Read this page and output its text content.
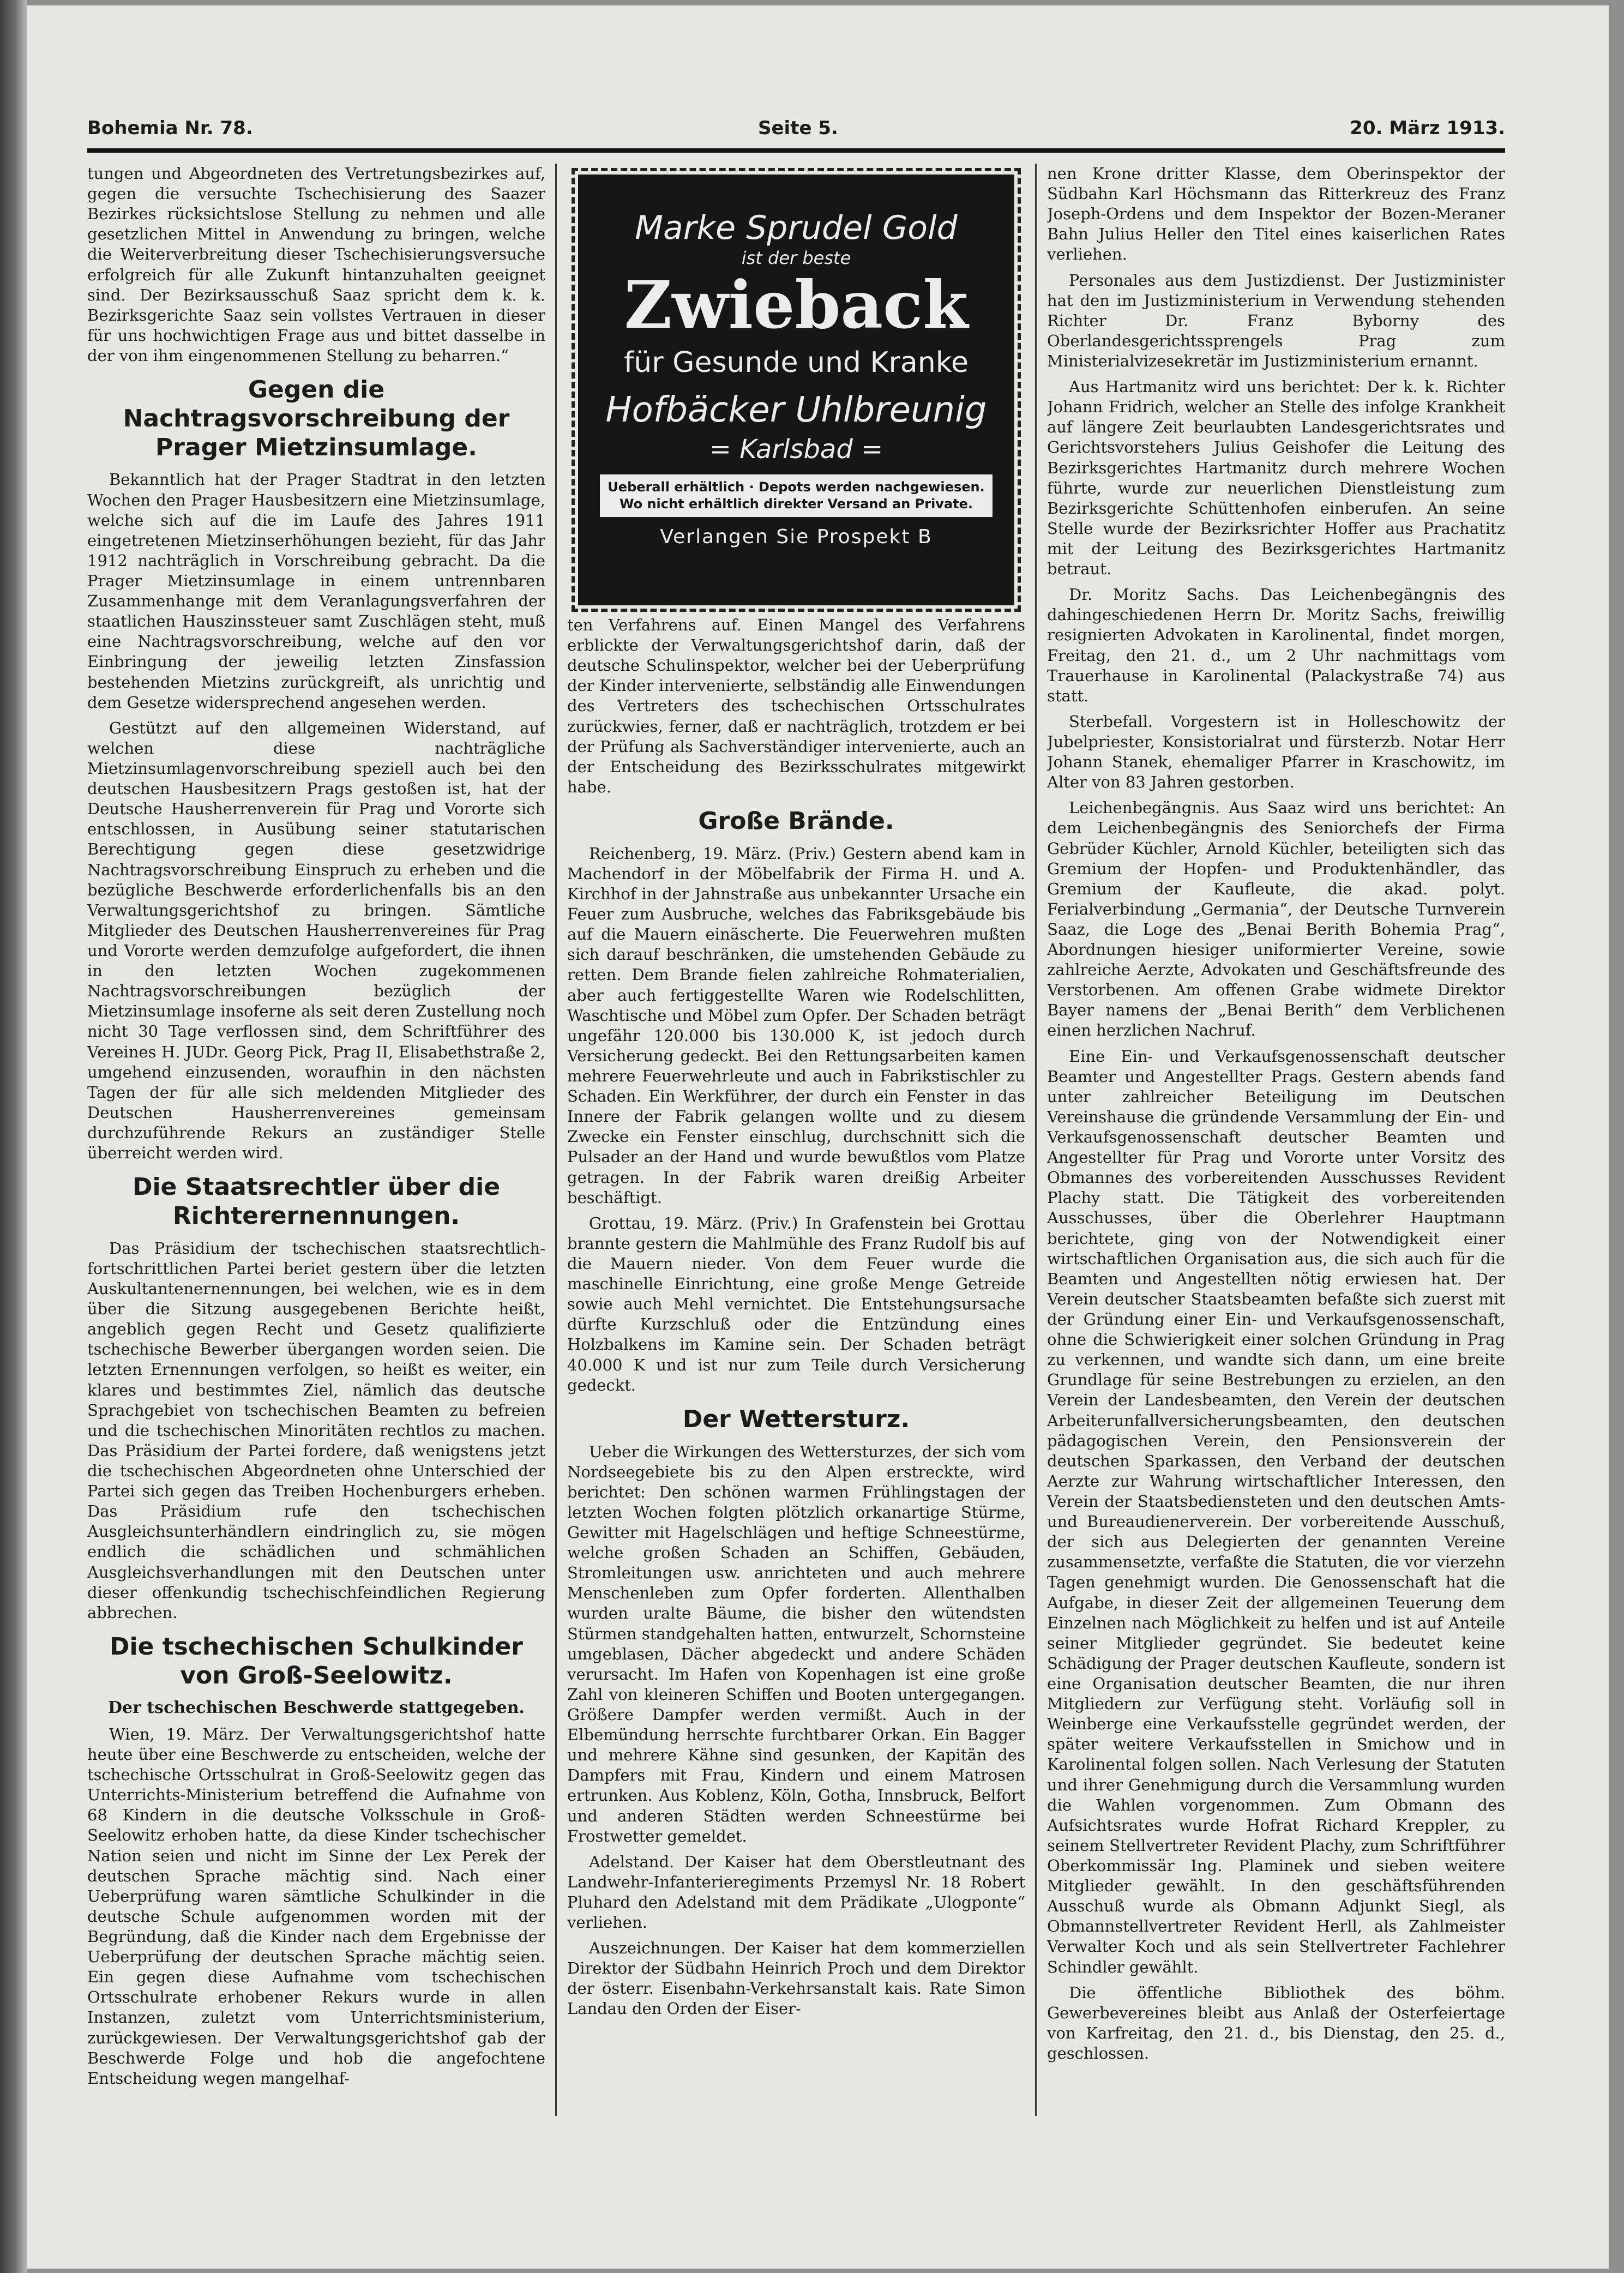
Bohemia Nr. 78.	Seite 5.	20. März 1913.

tungen und Abgeordneten des Vertretungsbezirkes auf, gegen die versuchte Tschechisierung des Saazer Bezirkes rücksichtslose Stellung zu nehmen und alle gesetzlichen Mittel in Anwendung zu bringen, welche die Weiterverbreitung dieser Tschechisierungsversuche erfolgreich für alle Zukunft hintanzuhalten geeignet sind. Der Bezirksausschuß Saaz spricht dem k. k. Bezirksgerichte Saaz sein vollstes Vertrauen in dieser für uns hochwichtigen Frage aus und bittet dasselbe in der von ihm eingenommenen Stellung zu beharren.“

Gegen die Nachtragsvorschreibung der Prager Mietzinsumlage.

Bekanntlich hat der Prager Stadtrat in den letzten Wochen den Prager Hausbesitzern eine Mietzinsumlage, welche sich auf die im Laufe des Jahres 1911 eingetretenen Mietzinserhöhungen bezieht, für das Jahr 1912 nachträglich in Vorschreibung gebracht. Da die Prager Mietzinsumlage in einem untrennbaren Zusammenhange mit dem Veranlagungsverfahren der staatlichen Hauszinssteuer samt Zuschlägen steht, muß eine Nachtragsvorschreibung, welche auf den vor Einbringung der jeweilig letzten Zinsfassion bestehenden Mietzins zurückgreift, als unrichtig und dem Gesetze widersprechend angesehen werden.

Gestützt auf den allgemeinen Widerstand, auf welchen diese nachträgliche Mietzinsumlagenvorschreibung speziell auch bei den deutschen Hausbesitzern Prags gestoßen ist, hat der Deutsche Hausherrenverein für Prag und Vororte sich entschlossen, in Ausübung seiner statutarischen Berechtigung gegen diese gesetzwidrige Nachtragsvorschreibung Einspruch zu erheben und die bezügliche Beschwerde erforderlichenfalls bis an den Verwaltungsgerichtshof zu bringen. Sämtliche Mitglieder des Deutschen Hausherrenvereines für Prag und Vororte werden demzufolge aufgefordert, die ihnen in den letzten Wochen zugekommenen Nachtragsvorschreibungen bezüglich der Mietzinsumlage insoferne als seit deren Zustellung noch nicht 30 Tage verflossen sind, dem Schriftführer des Vereines H. JUDr. Georg Pick, Prag II, Elisabethstraße 2, umgehend einzusenden, woraufhin in den nächsten Tagen der für alle sich meldenden Mitglieder des Deutschen Hausherrenvereines gemeinsam durchzuführende Rekurs an zuständiger Stelle überreicht werden wird.

Die Staatsrechtler über die Richterernennungen.

Das Präsidium der tschechischen staatsrechtlich-fortschrittlichen Partei beriet gestern über die letzten Auskultantenernennungen, bei welchen, wie es in dem über die Sitzung ausgegebenen Berichte heißt, angeblich gegen Recht und Gesetz qualifizierte tschechische Bewerber übergangen worden seien. Die letzten Ernennungen verfolgen, so heißt es weiter, ein klares und bestimmtes Ziel, nämlich das deutsche Sprachgebiet von tschechischen Beamten zu befreien und die tschechischen Minoritäten rechtlos zu machen. Das Präsidium der Partei fordere, daß wenigstens jetzt die tschechischen Abgeordneten ohne Unterschied der Partei sich gegen das Treiben Hochenburgers erheben. Das Präsidium rufe den tschechischen Ausgleichsunterhändlern eindringlich zu, sie mögen endlich die schädlichen und schmählichen Ausgleichsverhandlungen mit den Deutschen unter dieser offenkundig tschechischfeindlichen Regierung abbrechen.

Die tschechischen Schulkinder von Groß-Seelowitz.
Der tschechischen Beschwerde stattgegeben.

Wien, 19. März. Der Verwaltungsgerichtshof hatte heute über eine Beschwerde zu entscheiden, welche der tschechische Ortsschulrat in Groß-Seelowitz gegen das Unterrichts-Ministerium betreffend die Aufnahme von 68 Kindern in die deutsche Volksschule in Groß-Seelowitz erhoben hatte, da diese Kinder tschechischer Nation seien und nicht im Sinne der Lex Perek der deutschen Sprache mächtig sind. Nach einer Ueberprüfung waren sämtliche Schulkinder in die deutsche Schule aufgenommen worden mit der Begründung, daß die Kinder nach dem Ergebnisse der Ueberprüfung der deutschen Sprache mächtig seien. Ein gegen diese Aufnahme vom tschechischen Ortsschulrate erhobener Rekurs wurde in allen Instanzen, zuletzt vom Unterrichtsministerium, zurückgewiesen. Der Verwaltungsgerichtshof gab der Beschwerde Folge und hob die angefochtene Entscheidung wegen mangelhaf-

Marke Sprudel Gold
ist der beste
Zwieback
für Gesunde und Kranke
Hofbäcker Uhlbreunig
= Karlsbad =
Ueberall erhältlich · Depots werden nachgewiesen.
Wo nicht erhältlich direkter Versand an Private.
Verlangen Sie Prospekt B

ten Verfahrens auf. Einen Mangel des Verfahrens erblickte der Verwaltungsgerichtshof darin, daß der deutsche Schulinspektor, welcher bei der Ueberprüfung der Kinder intervenierte, selbständig alle Einwendungen des Vertreters des tschechischen Ortsschulrates zurückwies, ferner, daß er nachträglich, trotzdem er bei der Prüfung als Sachverständiger intervenierte, auch an der Entscheidung des Bezirksschulrates mitgewirkt habe.

Große Brände.

Reichenberg, 19. März. (Priv.) Gestern abend kam in Machendorf in der Möbelfabrik der Firma H. und A. Kirchhof in der Jahnstraße aus unbekannter Ursache ein Feuer zum Ausbruche, welches das Fabriksgebäude bis auf die Mauern einäscherte. Die Feuerwehren mußten sich darauf beschränken, die umstehenden Gebäude zu retten. Dem Brande fielen zahlreiche Rohmaterialien, aber auch fertiggestellte Waren wie Rodelschlitten, Waschtische und Möbel zum Opfer. Der Schaden beträgt ungefähr 120.000 bis 130.000 K, ist jedoch durch Versicherung gedeckt. Bei den Rettungsarbeiten kamen mehrere Feuerwehrleute und auch in Fabrikstischler zu Schaden. Ein Werkführer, der durch ein Fenster in das Innere der Fabrik gelangen wollte und zu diesem Zwecke ein Fenster einschlug, durchschnitt sich die Pulsader an der Hand und wurde bewußtlos vom Platze getragen. In der Fabrik waren dreißig Arbeiter beschäftigt.

Grottau, 19. März. (Priv.) In Grafenstein bei Grottau brannte gestern die Mahlmühle des Franz Rudolf bis auf die Mauern nieder. Von dem Feuer wurde die maschinelle Einrichtung, eine große Menge Getreide sowie auch Mehl vernichtet. Die Entstehungsursache dürfte Kurzschluß oder die Entzündung eines Holzbalkens im Kamine sein. Der Schaden beträgt 40.000 K und ist nur zum Teile durch Versicherung gedeckt.

Der Wettersturz.

Ueber die Wirkungen des Wettersturzes, der sich vom Nordseegebiete bis zu den Alpen erstreckte, wird berichtet: Den schönen warmen Frühlingstagen der letzten Wochen folgten plötzlich orkanartige Stürme, Gewitter mit Hagelschlägen und heftige Schneestürme, welche großen Schaden an Schiffen, Gebäuden, Stromleitungen usw. anrichteten und auch mehrere Menschenleben zum Opfer forderten. Allenthalben wurden uralte Bäume, die bisher den wütendsten Stürmen standgehalten hatten, entwurzelt, Schornsteine umgeblasen, Dächer abgedeckt und andere Schäden verursacht. Im Hafen von Kopenhagen ist eine große Zahl von kleineren Schiffen und Booten untergegangen. Größere Dampfer werden vermißt. Auch in der Elbemündung herrschte furchtbarer Orkan. Ein Bagger und mehrere Kähne sind gesunken, der Kapitän des Dampfers mit Frau, Kindern und einem Matrosen ertrunken. Aus Koblenz, Köln, Gotha, Innsbruck, Belfort und anderen Städten werden Schneestürme bei Frostwetter gemeldet.

Adelstand. Der Kaiser hat dem Oberstleutnant des Landwehr-Infanterieregiments Przemysl Nr. 18 Robert Pluhard den Adelstand mit dem Prädikate „Ulogponte“ verliehen.

Auszeichnungen. Der Kaiser hat dem kommerziellen Direktor der Südbahn Heinrich Proch und dem Direktor der österr. Eisenbahn-Verkehrsanstalt kais. Rate Simon Landau den Orden der Eiser-

nen Krone dritter Klasse, dem Oberinspektor der Südbahn Karl Höchsmann das Ritterkreuz des Franz Joseph-Ordens und dem Inspektor der Bozen-Meraner Bahn Julius Heller den Titel eines kaiserlichen Rates verliehen.

Personales aus dem Justizdienst. Der Justizminister hat den im Justizministerium in Verwendung stehenden Richter Dr. Franz Byborny des Oberlandesgerichtssprengels Prag zum Ministerialvizesekretär im Justizministerium ernannt.

Aus Hartmanitz wird uns berichtet: Der k. k. Richter Johann Fridrich, welcher an Stelle des infolge Krankheit auf längere Zeit beurlaubten Landesgerichtsrates und Gerichtsvorstehers Julius Geishofer die Leitung des Bezirksgerichtes Hartmanitz durch mehrere Wochen führte, wurde zur neuerlichen Dienstleistung zum Bezirksgerichte Schüttenhofen einberufen. An seine Stelle wurde der Bezirksrichter Hoffer aus Prachatitz mit der Leitung des Bezirksgerichtes Hartmanitz betraut.

Dr. Moritz Sachs. Das Leichenbegängnis des dahingeschiedenen Herrn Dr. Moritz Sachs, freiwillig resignierten Advokaten in Karolinental, findet morgen, Freitag, den 21. d., um 2 Uhr nachmittags vom Trauerhause in Karolinental (Palackystraße 74) aus statt.

Sterbefall. Vorgestern ist in Holleschowitz der Jubelpriester, Konsistorialrat und fürsterzb. Notar Herr Johann Stanek, ehemaliger Pfarrer in Kraschowitz, im Alter von 83 Jahren gestorben.

Leichenbegängnis. Aus Saaz wird uns berichtet: An dem Leichenbegängnis des Seniorchefs der Firma Gebrüder Küchler, Arnold Küchler, beteiligten sich das Gremium der Hopfen- und Produktenhändler, das Gremium der Kaufleute, die akad. polyt. Ferialverbindung „Germania“, der Deutsche Turnverein Saaz, die Loge des „Benai Berith Bohemia Prag“, Abordnungen hiesiger uniformierter Vereine, sowie zahlreiche Aerzte, Advokaten und Geschäftsfreunde des Verstorbenen. Am offenen Grabe widmete Direktor Bayer namens der „Benai Berith“ dem Verblichenen einen herzlichen Nachruf.

Eine Ein- und Verkaufsgenossenschaft deutscher Beamter und Angestellter Prags. Gestern abends fand unter zahlreicher Beteiligung im Deutschen Vereinshause die gründende Versammlung der Ein- und Verkaufsgenossenschaft deutscher Beamten und Angestellter für Prag und Vororte unter Vorsitz des Obmannes des vorbereitenden Ausschusses Revident Plachy statt. Die Tätigkeit des vorbereitenden Ausschusses, über die Oberlehrer Hauptmann berichtete, ging von der Notwendigkeit einer wirtschaftlichen Organisation aus, die sich auch für die Beamten und Angestellten nötig erwiesen hat. Der Verein deutscher Staatsbeamten befaßte sich zuerst mit der Gründung einer Ein- und Verkaufsgenossenschaft, ohne die Schwierigkeit einer solchen Gründung in Prag zu verkennen, und wandte sich dann, um eine breite Grundlage für seine Bestrebungen zu erzielen, an den Verein der Landesbeamten, den Verein der deutschen Arbeiterunfallversicherungsbeamten, den deutschen pädagogischen Verein, den Pensionsverein der deutschen Sparkassen, den Verband der deutschen Aerzte zur Wahrung wirtschaftlicher Interessen, den Verein der Staatsbediensteten und den deutschen Amts- und Bureaudienerverein. Der vorbereitende Ausschuß, der sich aus Delegierten der genannten Vereine zusammensetzte, verfaßte die Statuten, die vor vierzehn Tagen genehmigt wurden. Die Genossenschaft hat die Aufgabe, in dieser Zeit der allgemeinen Teuerung dem Einzelnen nach Möglichkeit zu helfen und ist auf Anteile seiner Mitglieder gegründet. Sie bedeutet keine Schädigung der Prager deutschen Kaufleute, sondern ist eine Organisation deutscher Beamten, die nur ihren Mitgliedern zur Verfügung steht. Vorläufig soll in Weinberge eine Verkaufsstelle gegründet werden, der später weitere Verkaufsstellen in Smichow und in Karolinental folgen sollen. Nach Verlesung der Statuten und ihrer Genehmigung durch die Versammlung wurden die Wahlen vorgenommen. Zum Obmann des Aufsichtsrates wurde Hofrat Richard Kreppler, zu seinem Stellvertreter Revident Plachy, zum Schriftführer Oberkommissär Ing. Plaminek und sieben weitere Mitglieder gewählt. In den geschäftsführenden Ausschuß wurde als Obmann Adjunkt Siegl, als Obmannstellvertreter Revident Herll, als Zahlmeister Verwalter Koch und als sein Stellvertreter Fachlehrer Schindler gewählt.

Die öffentliche Bibliothek des böhm. Gewerbevereines bleibt aus Anlaß der Osterfeiertage von Karfreitag, den 21. d., bis Dienstag, den 25. d., geschlossen.
